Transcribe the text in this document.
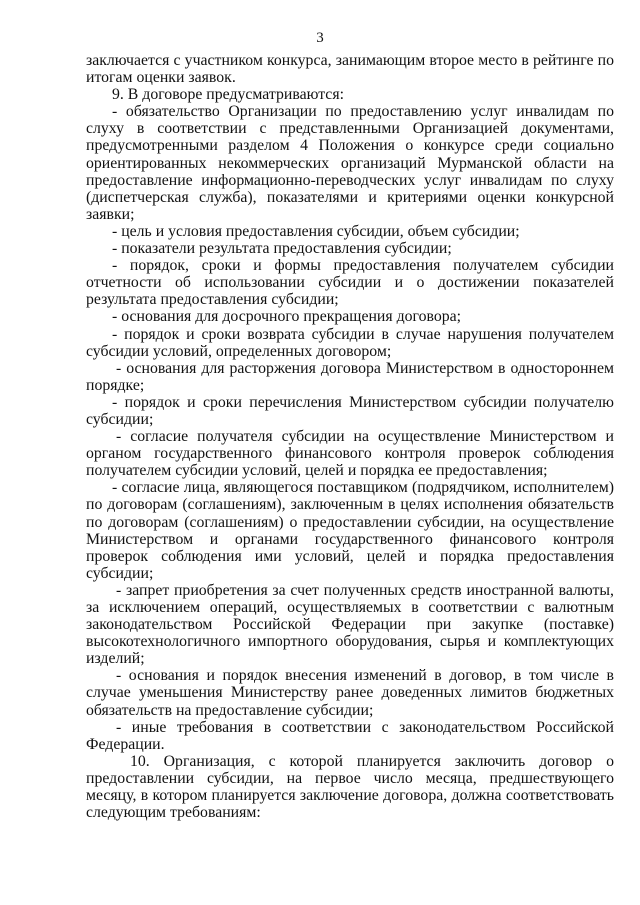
3

заключается с участником конкурса, занимающим второе место в рейтинге по итогам оценки заявок.

9. В договоре предусматриваются:

- обязательство Организации по предоставлению услуг инвалидам по слуху в соответствии с представленными Организацией документами, предусмотренными разделом 4 Положения о конкурсе среди социально ориентированных некоммерческих организаций Мурманской области на предоставление информационно-переводческих услуг инвалидам по слуху (диспетчерская служба), показателями и критериями оценки конкурсной заявки;

- цель и условия предоставления субсидии, объем субсидии;

- показатели результата предоставления субсидии;

- порядок, сроки и формы предоставления получателем субсидии отчетности об использовании субсидии и о достижении показателей результата предоставления субсидии;

- основания для досрочного прекращения договора;

- порядок и сроки возврата субсидии в случае нарушения получателем субсидии условий, определенных договором;

- основания для расторжения договора Министерством в одностороннем порядке;

- порядок и сроки перечисления Министерством субсидии получателю субсидии;

- согласие получателя субсидии на осуществление Министерством и органом государственного финансового контроля проверок соблюдения получателем субсидии условий, целей и порядка ее предоставления;

- согласие лица, являющегося поставщиком (подрядчиком, исполнителем) по договорам (соглашениям), заключенным в целях исполнения обязательств по договорам (соглашениям) о предоставлении субсидии, на осуществление Министерством и органами государственного финансового контроля проверок соблюдения ими условий, целей и порядка предоставления субсидии;

- запрет приобретения за счет полученных средств иностранной валюты, за исключением операций, осуществляемых в соответствии с валютным законодательством Российской Федерации при закупке (поставке) высокотехнологичного импортного оборудования, сырья и комплектующих изделий;

- основания и порядок внесения изменений в договор, в том числе в случае уменьшения Министерству ранее доведенных лимитов бюджетных обязательств на предоставление субсидии;

- иные требования в соответствии с законодательством Российской Федерации.

10. Организация, с которой планируется заключить договор о предоставлении субсидии, на первое число месяца, предшествующего месяцу, в котором планируется заключение договора, должна соответствовать следующим требованиям:
